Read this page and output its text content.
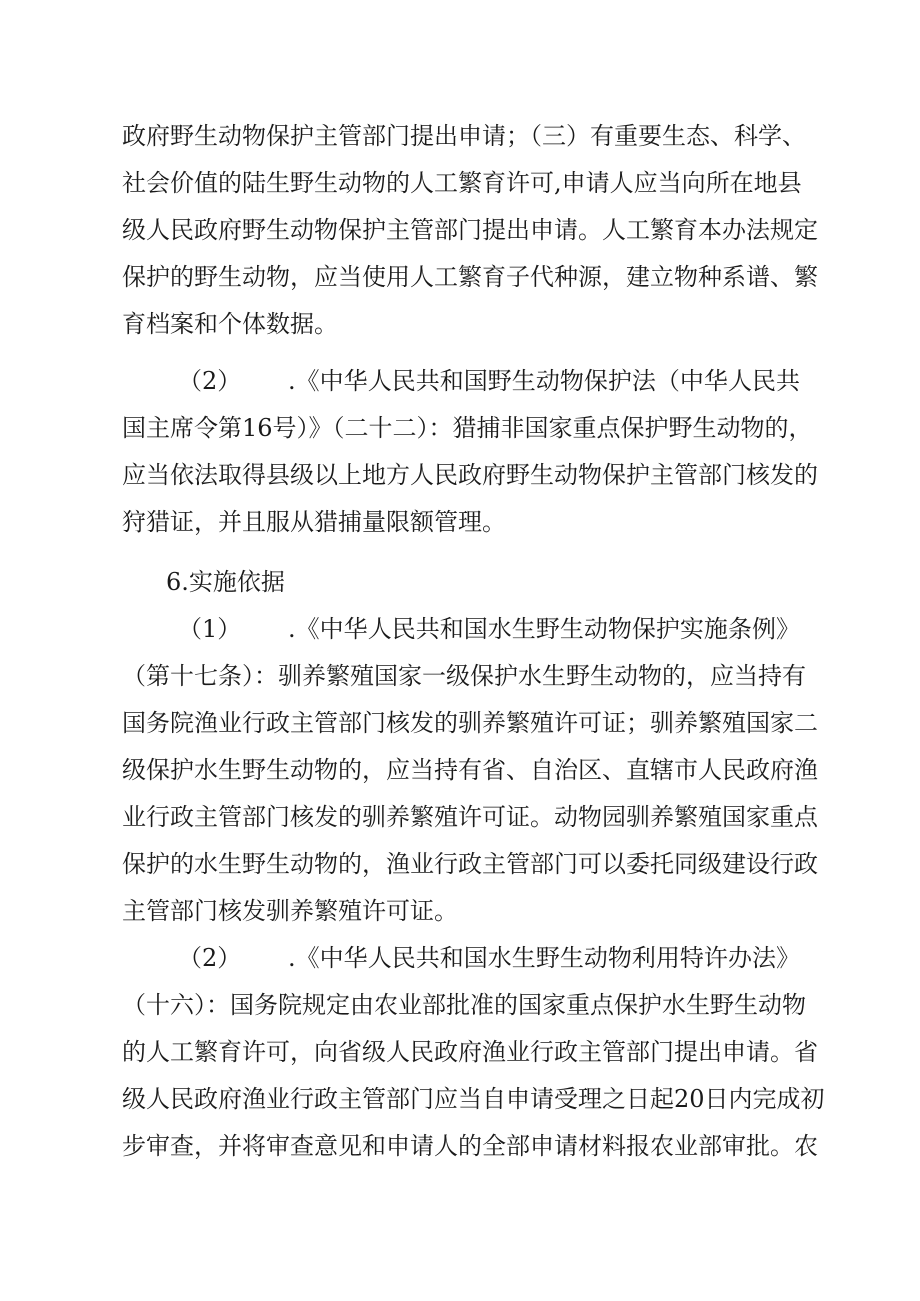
政府野生动物保护主管部门提出申请；（三）有重要生态、科学、
社会价值的陆生野生动物的人工繁育许可,申请人应当向所在地县
级人民政府野生动物保护主管部门提出申请。人工繁育本办法规定
保护的野生动物，应当使用人工繁育子代种源，建立物种系谱、繁
育档案和个体数据。
（2） .《中华人民共和国野生动物保护法（中华人民共
国主席令第16号）》（二十二）：猎捕非国家重点保护野生动物的，
应当依法取得县级以上地方人民政府野生动物保护主管部门核发的
狩猎证，并且服从猎捕量限额管理。
6.实施依据
（1） .《中华人民共和国水生野生动物保护实施条例》
（第十七条）：驯养繁殖国家一级保护水生野生动物的，应当持有
国务院渔业行政主管部门核发的驯养繁殖许可证；驯养繁殖国家二
级保护水生野生动物的，应当持有省、自治区、直辖市人民政府渔
业行政主管部门核发的驯养繁殖许可证。动物园驯养繁殖国家重点
保护的水生野生动物的，渔业行政主管部门可以委托同级建设行政
主管部门核发驯养繁殖许可证。
（2） .《中华人民共和国水生野生动物利用特许办法》
（十六）：国务院规定由农业部批准的国家重点保护水生野生动物
的人工繁育许可，向省级人民政府渔业行政主管部门提出申请。省
级人民政府渔业行政主管部门应当自申请受理之日起20日内完成初
步审查，并将审查意见和申请人的全部申请材料报农业部审批。农
